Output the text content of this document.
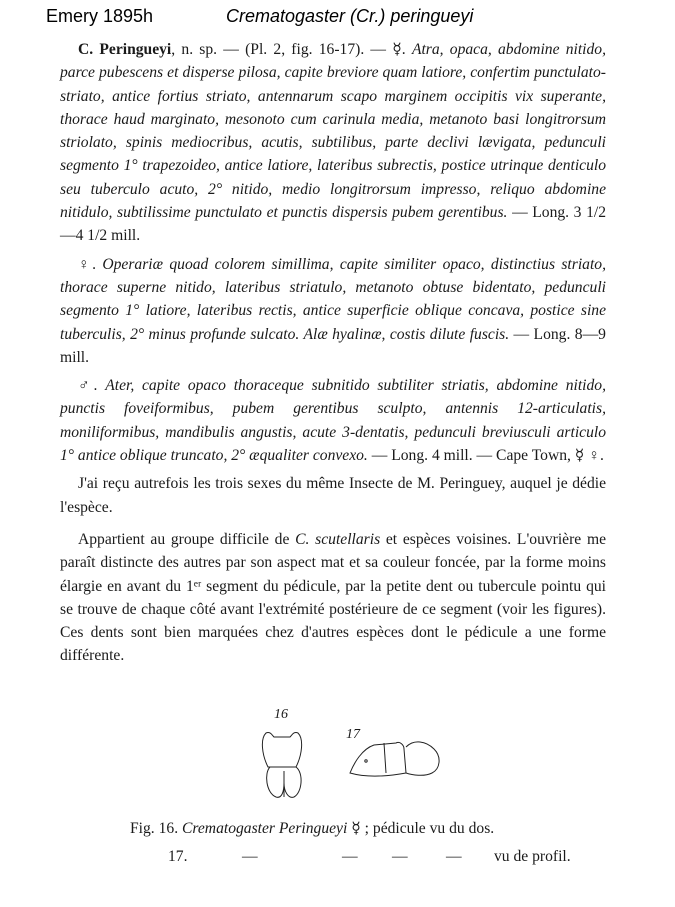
Emery 1895h	Crematogaster (Cr.) peringueyi

C. Peringueyi, n. sp. — (Pl. 2, fig. 16-17). — ☿. Atra, opaca, abdomine nitido, parce pubescens et disperse pilosa, capite breviore quam latiore, confertim punctulato-striato, antice fortius striato, antennarum scapo marginem occipitis vix superante, thorace haud marginato, mesonoto cum carinula media, metanoto basi longitrorsum striolato, spinis mediocribus, acutis, subtilibus, parte declivi lævigata, pedunculi segmento 1° trapezoideo, antice latiore, lateribus subrectis, postice utrinque denticulo seu tuberculo acuto, 2° nitido, medio longitrorsum impresso, reliquo abdomine nitidulo, subtilissime punctulato et punctis dispersis pubem gerentibus. — Long. 3 1/2—4 1/2 mill.

♀. Operariæ quoad colorem simillima, capite similiter opaco, distinctius striato, thorace superne nitido, lateribus striatulo, metanoto obtuse bidentato, pedunculi segmento 1° latiore, lateribus rectis, antice superficie oblique concava, postice sine tuberculis, 2° minus profunde sulcato. Alæ hyalinæ, costis dilute fuscis. — Long. 8—9 mill.

♂. Ater, capite opaco thoraceque subnitido subtiliter striatis, abdomine nitido, punctis foveiformibus, pubem gerentibus sculpto, antennis 12-articulatis, moniliformibus, mandibulis angustis, acute 3-dentatis, pedunculi breviusculi articulo 1° antice oblique truncato, 2° æqualiter convexo. — Long. 4 mill. — Cape Town, ☿ ♀.

J'ai reçu autrefois les trois sexes du même Insecte de M. Peringuey, auquel je dédie l'espèce.

Appartient au groupe difficile de C. scutellaris et espèces voisines. L'ouvrière me paraît distincte des autres par son aspect mat et sa couleur foncée, par la forme moins élargie en avant du 1ᵉʳ segment du pédicule, par la petite dent ou tubercule pointu qui se trouve de chaque côté avant l'extrémité postérieure de ce segment (voir les figures). Ces dents sont bien marquées chez d'autres espèces dont le pédicule a une forme différente.

16
17
Fig. 16. Crematogaster Peringueyi ☿ ; pédicule vu du dos.
17.	—	— — — vu de profil.
